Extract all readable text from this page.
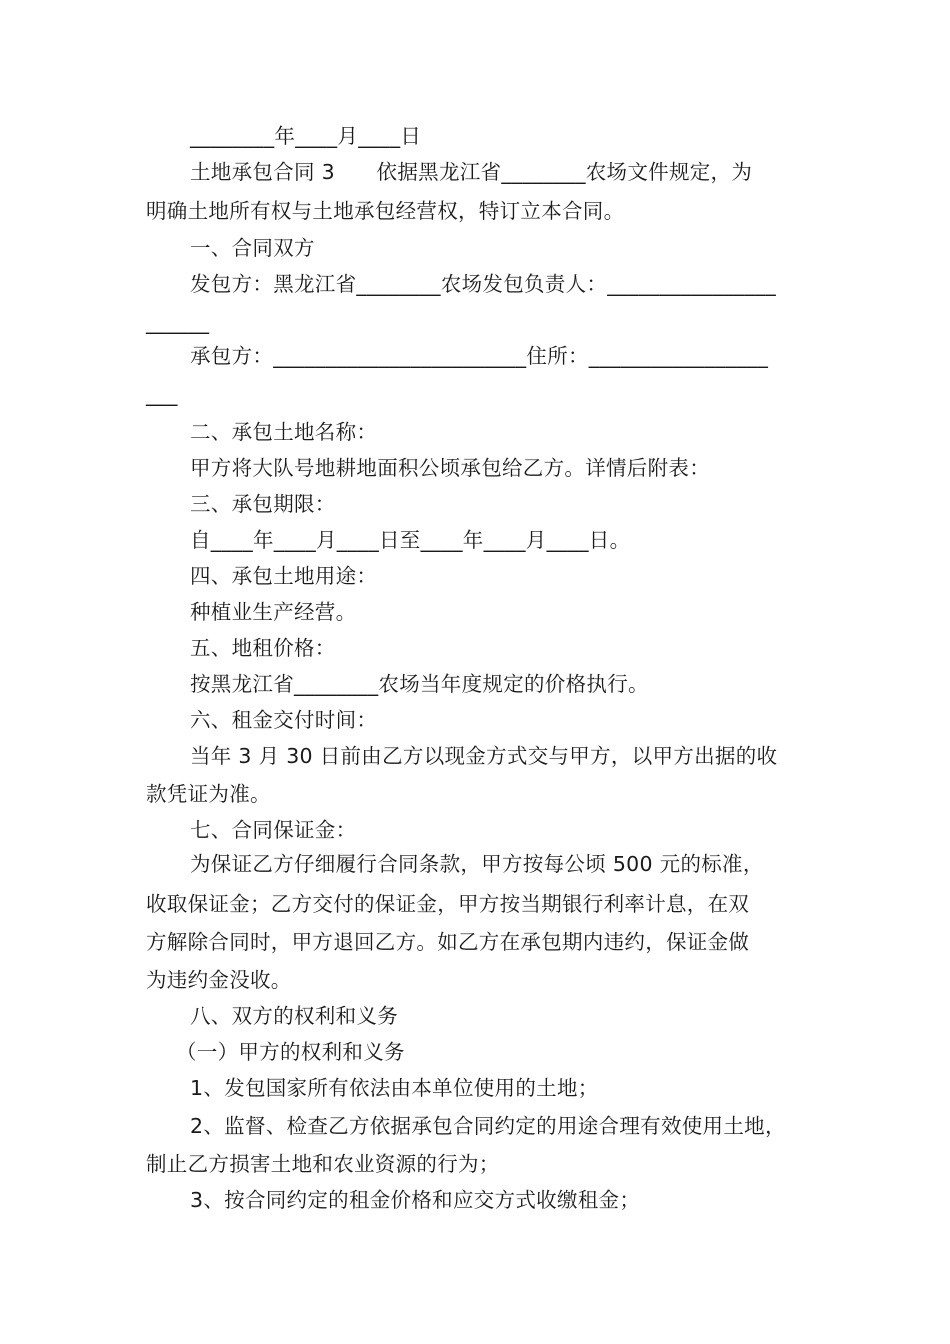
________年____月____日
土地承包合同 3　　依据黑龙江省________农场文件规定，为
明确土地所有权与土地承包经营权，特订立本合同。
一、合同双方
发包方：黑龙江省________农场发包负责人：________________
______
承包方：________________________住所：_________________
___
二、承包土地名称：
甲方将大队号地耕地面积公顷承包给乙方。详情后附表：
三、承包期限：
自____年____月____日至____年____月____日。
四、承包土地用途：
种植业生产经营。
五、地租价格：
按黑龙江省________农场当年度规定的价格执行。
六、租金交付时间：
当年 3 月 30 日前由乙方以现金方式交与甲方，以甲方出据的收
款凭证为准。
七、合同保证金：
为保证乙方仔细履行合同条款，甲方按每公顷 500 元的标准，
收取保证金；乙方交付的保证金，甲方按当期银行利率计息，在双
方解除合同时，甲方退回乙方。如乙方在承包期内违约，保证金做
为违约金没收。
八、双方的权利和义务
（一）甲方的权利和义务
1、发包国家所有依法由本单位使用的土地；
2、监督、检查乙方依据承包合同约定的用途合理有效使用土地，
制止乙方损害土地和农业资源的行为；
3、按合同约定的租金价格和应交方式收缴租金；
